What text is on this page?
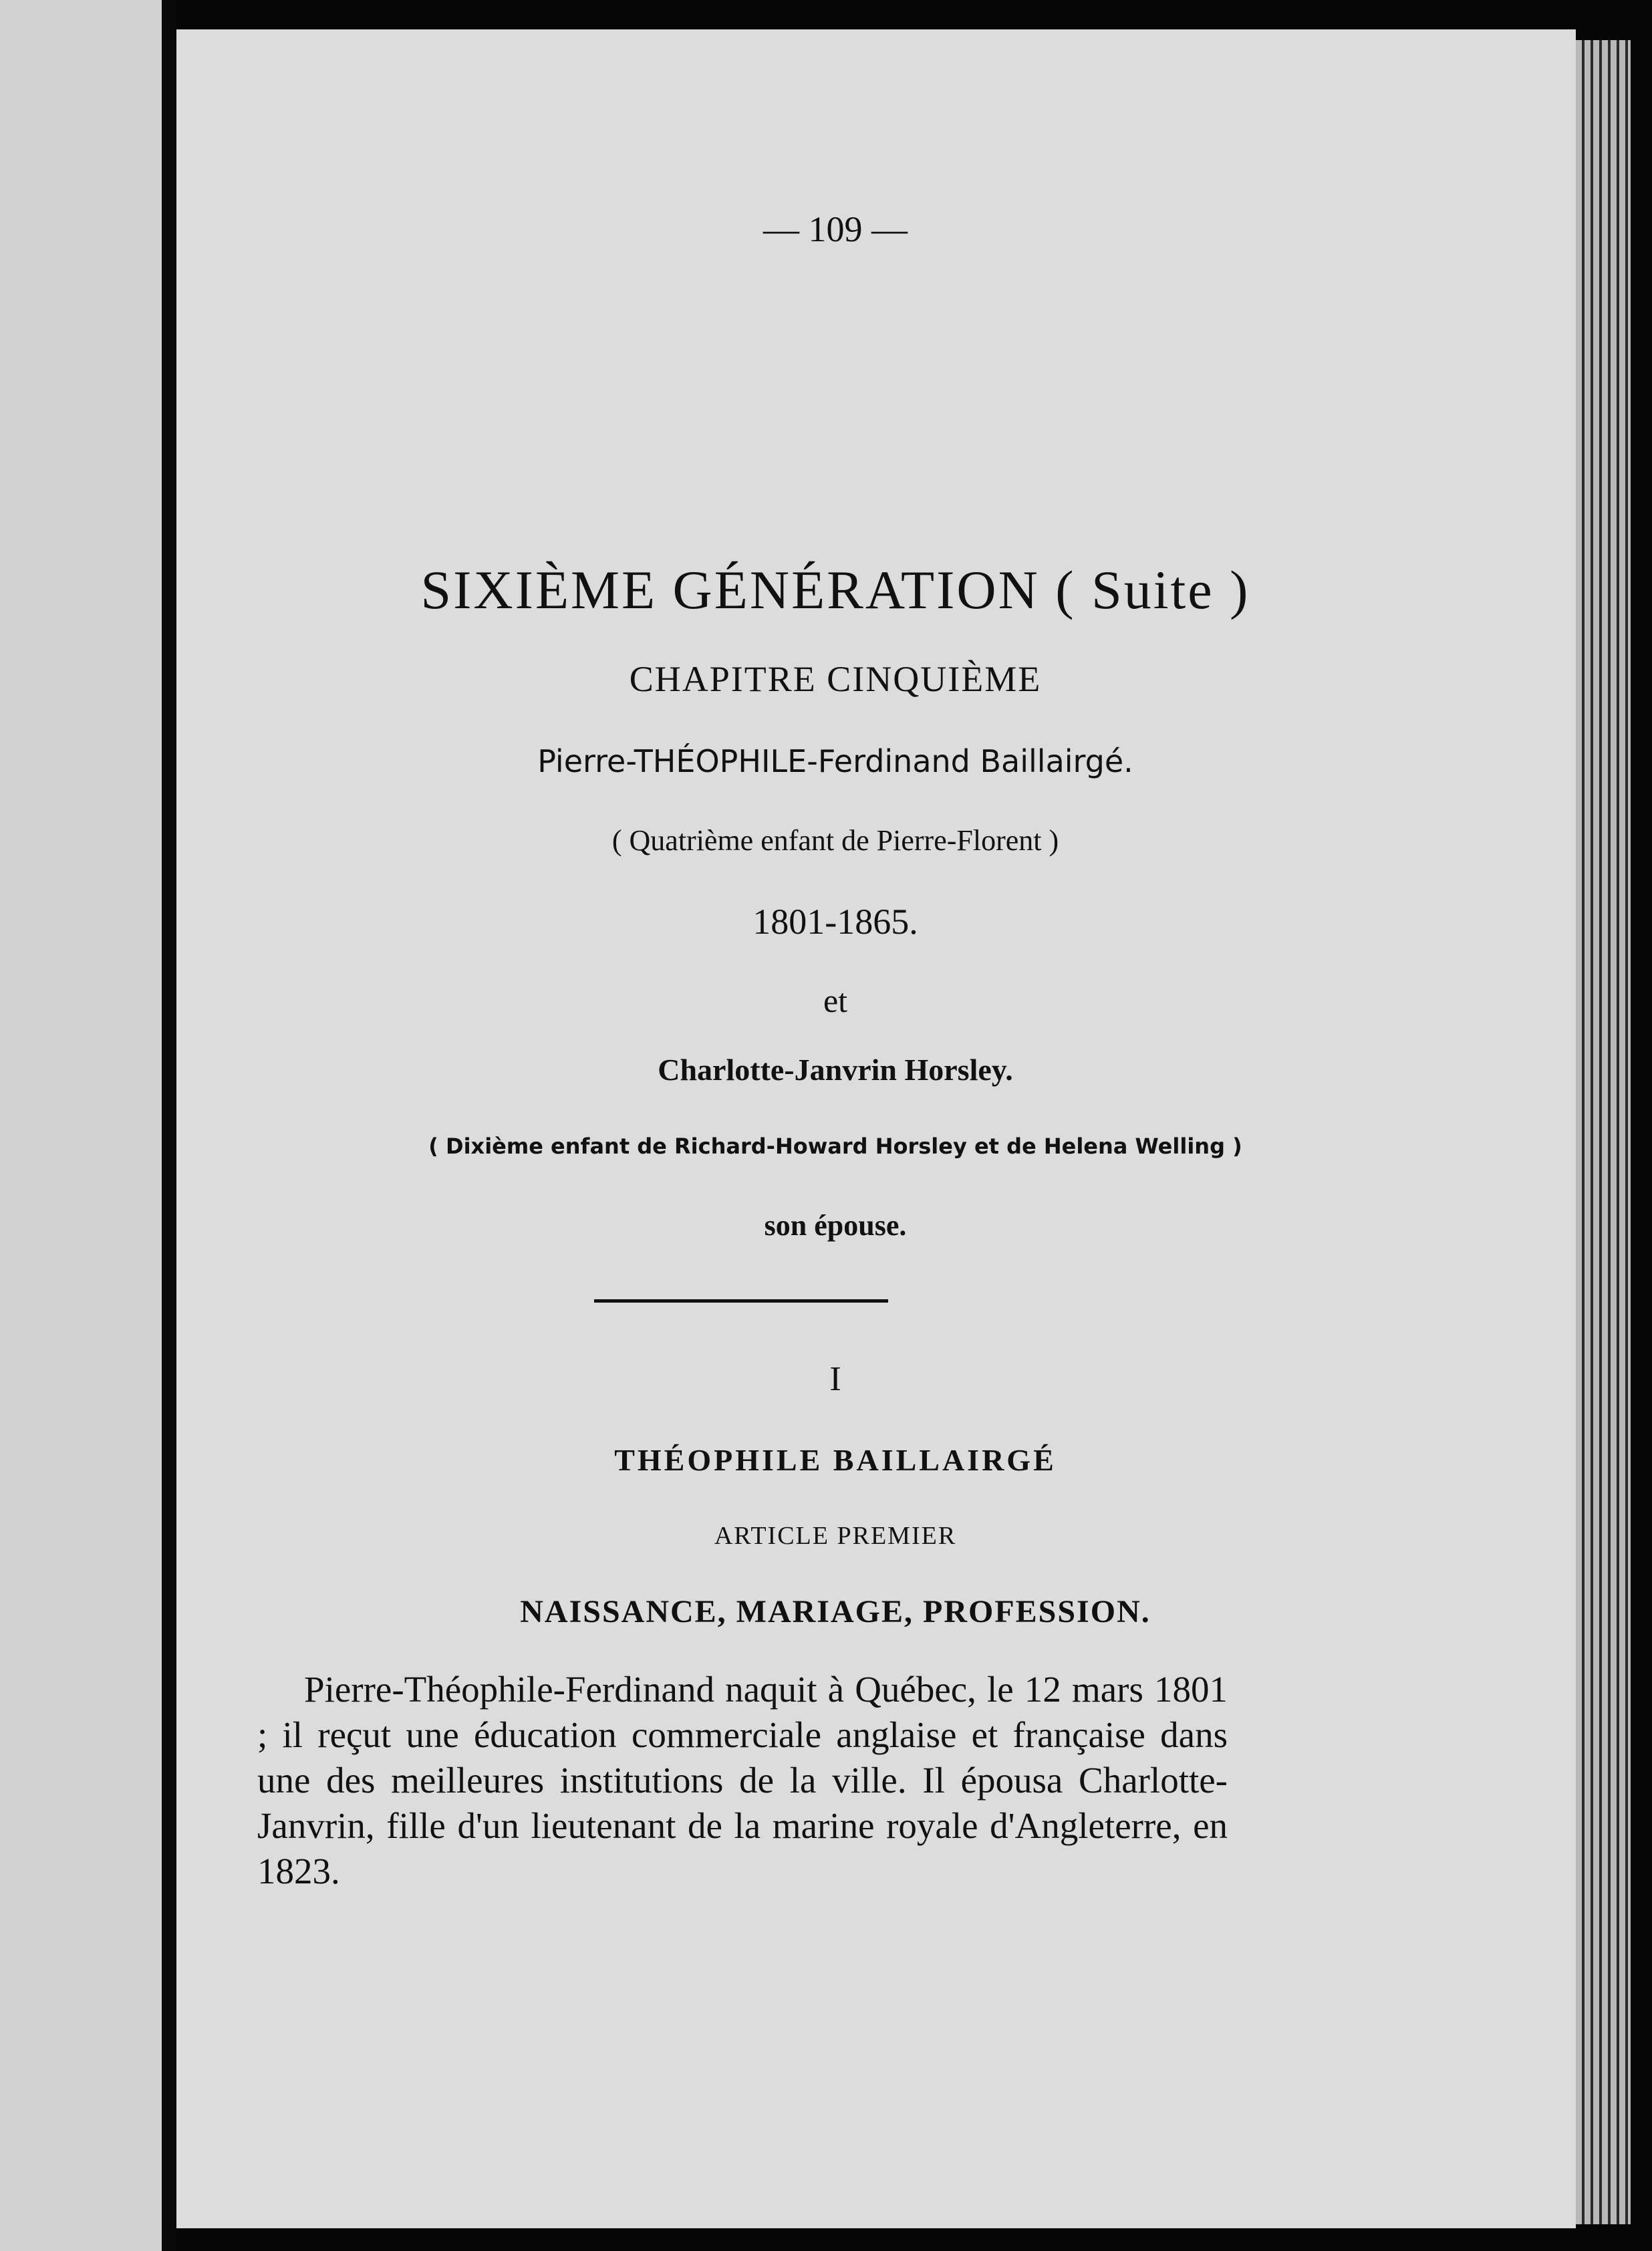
— 109 —
SIXIÈME GÉNÉRATION ( Suite )
CHAPITRE CINQUIÈME
Pierre-THÉOPHILE-Ferdinand Baillairgé.
( Quatrième enfant de Pierre-Florent )
1801-1865.
et
Charlotte-Janvrin Horsley.
( Dixième enfant de Richard-Howard Horsley et de Helena Welling )
son épouse.
I
THÉOPHILE BAILLAIRGÉ
ARTICLE PREMIER
NAISSANCE, MARIAGE, PROFESSION.

Pierre-Théophile-Ferdinand naquit à Québec, le 12 mars 1801 ; il reçut une éducation commerciale anglaise et française dans une des meilleures institutions de la ville. Il épousa Charlotte-Janvrin, fille d'un lieutenant de la marine royale d'Angleterre, en 1823.
